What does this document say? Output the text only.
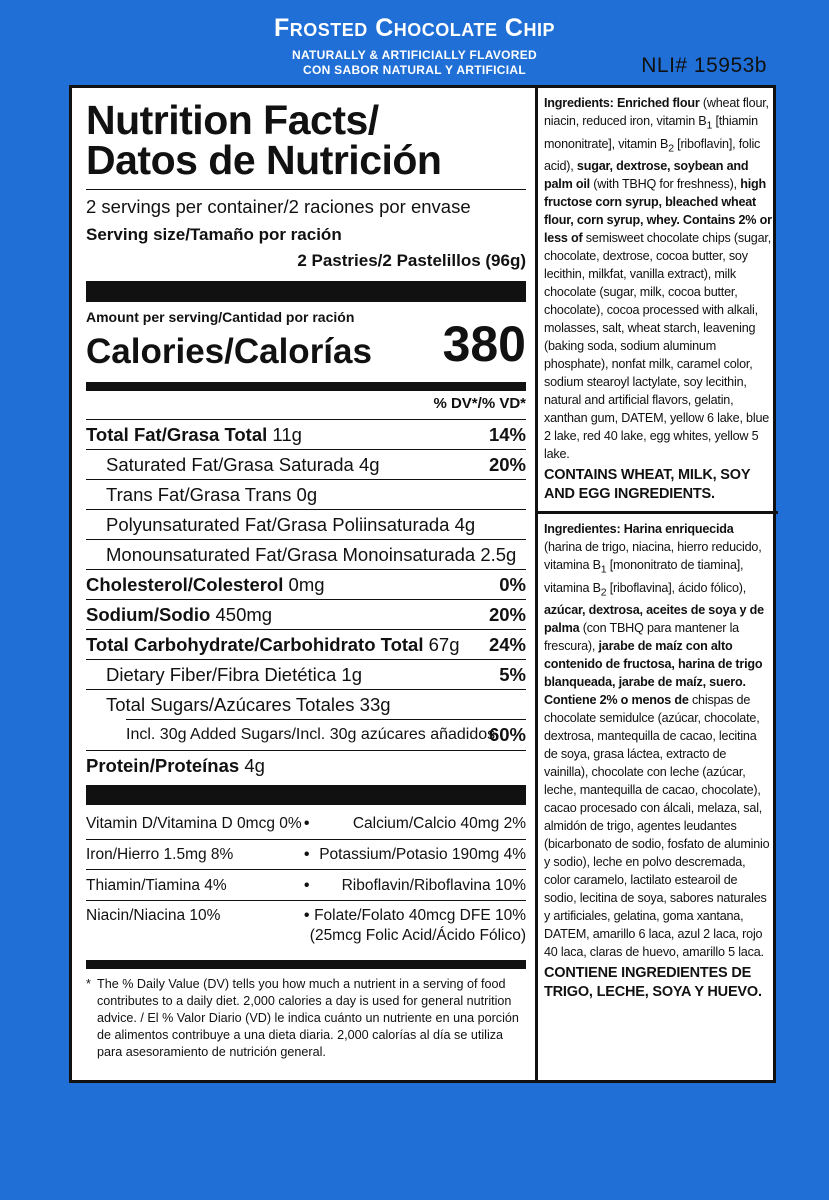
Frosted Chocolate Chip
NATURALLY & ARTIFICIALLY FLAVORED
CON SABOR NATURAL Y ARTIFICIAL	NLI# 15953b
Nutrition Facts/
Datos de Nutrición
2 servings per container/2 raciones por envase
Serving size/Tamaño por ración
2 Pastries/2 Pastelillos (96g)
Amount per serving/Cantidad por ración
Calories/Calorías 380
% DV*/% VD*
Total Fat/Grasa Total 11g	14%
Saturated Fat/Grasa Saturada 4g	20%
Trans Fat/Grasa Trans 0g
Polyunsaturated Fat/Grasa Poliinsaturada 4g
Monounsaturated Fat/Grasa Monoinsaturada 2.5g
Cholesterol/Colesterol 0mg	0%
Sodium/Sodio 450mg	20%
Total Carbohydrate/Carbohidrato Total 67g 24%
Dietary Fiber/Fibra Dietética 1g	5%
Total Sugars/Azúcares Totales 33g
Incl. 30g Added Sugars/Incl. 30g azúcares añadidos
60%
Protein/Proteínas 4g
Vitamin D/Vitamina D 0mcg 0% •	Calcium/Calcio 40mg 2%
Iron/Hierro 1.5mg 8%	• Potassium/Potasio 190mg 4%
Thiamin/Tiamina 4%	• Riboflavin/Riboflavina 10%
Niacin/Niacina 10%	• Folate/Folato 40mcg DFE 10%
(25mcg Folic Acid/Ácido Fólico)
* The % Daily Value (DV) tells you how much a nutrient in a serving of food contributes to a daily diet. 2,000 calories a day is used for general nutrition advice. / El % Valor Diario (VD) le indica cuánto un nutriente en una porción de alimentos contribuye a una dieta diaria. 2,000 calorías al día se utiliza para asesoramiento de nutrición general.
Ingredients: Enriched flour (wheat flour, niacin, reduced iron, vitamin $B_1$ [thiamin mononitrate], vitamin $B_2$ [riboflavin], folic acid), sugar, dextrose, soybean and palm oil (with TBHQ for freshness), high fructose corn syrup, bleached wheat flour, corn syrup, whey. Contains 2% or less of semisweet chocolate chips (sugar, chocolate, dextrose, cocoa butter, soy lecithin, milkfat, vanilla extract), milk chocolate (sugar, milk, cocoa butter, chocolate), cocoa processed with alkali, molasses, salt, wheat starch, leavening (baking soda, sodium aluminum phosphate), nonfat milk, caramel color, sodium stearoyl lactylate, soy lecithin, natural and artificial flavors, gelatin, xanthan gum, DATEM, yellow 6 lake, blue 2 lake, red 40 lake, egg whites, yellow 5 lake.
CONTAINS WHEAT, MILK, SOY AND EGG INGREDIENTS.
Ingredientes: Harina enriquecida (harina de trigo, niacina, hierro reducido, vitamina $B_1$ [mononitrato de tiamina], vitamina $B_2$ [riboflavina], ácido fólico), azúcar, dextrosa, aceites de soya y de palma (con TBHQ para mantener la frescura), jarabe de maíz con alto contenido de fructosa, harina de trigo blanqueada, jarabe de maíz, suero. Contiene 2% o menos de chispas de chocolate semidulce (azúcar, chocolate, dextrosa, mantequilla de cacao, lecitina de soya, grasa láctea, extracto de vainilla), chocolate con leche (azúcar, leche, mantequilla de cacao, chocolate), cacao procesado con álcali, melaza, sal, almidón de trigo, agentes leudantes (bicarbonato de sodio, fosfato de aluminio y sodio), leche en polvo descremada, color caramelo, lactilato estearoil de sodio, lecitina de soya, sabores naturales y artificiales, gelatina, goma xantana, DATEM, amarillo 6 laca, azul 2 laca, rojo 40 laca, claras de huevo, amarillo 5 laca.
CONTIENE INGREDIENTES DE TRIGO, LECHE, SOYA Y HUEVO.
